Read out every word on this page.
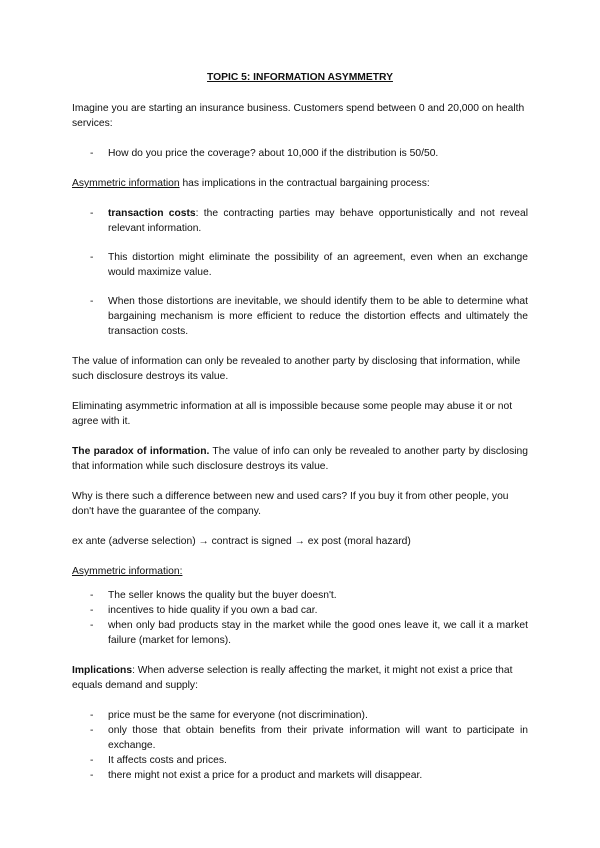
TOPIC 5: INFORMATION ASYMMETRY

Imagine you are starting an insurance business. Customers spend between 0 and 20,000 on health services:

- How do you price the coverage? about 10,000 if the distribution is 50/50.

Asymmetric information has implications in the contractual bargaining process:

- transaction costs: the contracting parties may behave opportunistically and not reveal relevant information.
- This distortion might eliminate the possibility of an agreement, even when an exchange would maximize value.
- When those distortions are inevitable, we should identify them to be able to determine what bargaining mechanism is more efficient to reduce the distortion effects and ultimately the transaction costs.

The value of information can only be revealed to another party by disclosing that information, while such disclosure destroys its value.

Eliminating asymmetric information at all is impossible because some people may abuse it or not agree with it.

The paradox of information. The value of info can only be revealed to another party by disclosing that information while such disclosure destroys its value.

Why is there such a difference between new and used cars? If you buy it from other people, you don't have the guarantee of the company.

ex ante (adverse selection) → contract is signed → ex post (moral hazard)

Asymmetric information:

- The seller knows the quality but the buyer doesn't.
- incentives to hide quality if you own a bad car.
- when only bad products stay in the market while the good ones leave it, we call it a market failure (market for lemons).

Implications: When adverse selection is really affecting the market, it might not exist a price that equals demand and supply:

- price must be the same for everyone (not discrimination).
- only those that obtain benefits from their private information will want to participate in exchange.
- It affects costs and prices.
- there might not exist a price for a product and markets will disappear.
